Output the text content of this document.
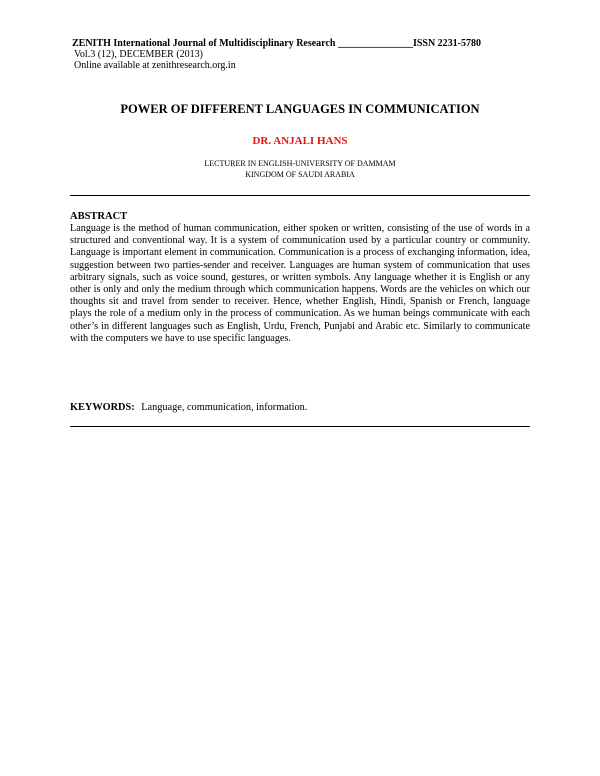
ZENITH International Journal of Multidisciplinary Research _______________ISSN 2231-5780
Vol.3 (12), DECEMBER (2013)
Online available at zenithresearch.org.in
POWER OF DIFFERENT LANGUAGES IN COMMUNICATION
DR. ANJALI HANS
LECTURER IN ENGLISH-UNIVERSITY OF DAMMAM
KINGDOM OF SAUDI ARABIA
ABSTRACT
Language is the method of human communication, either spoken or written, consisting of the use of words in a structured and conventional way. It is a system of communication used by a particular country or community. Language is important element in communication. Communication is a process of exchanging information, idea, suggestion between two parties-sender and receiver. Languages are human system of communication that uses arbitrary signals, such as voice sound, gestures, or written symbols. Any language whether it is English or any other is only and only the medium through which communication happens. Words are the vehicles on which our thoughts sit and travel from sender to receiver. Hence, whether English, Hindi, Spanish or French, language plays the role of a medium only in the process of communication. As we human beings communicate with each other’s in different languages such as English, Urdu, French, Punjabi and Arabic etc. Similarly to communicate with the computers we have to use specific languages.
KEYWORDS: Language, communication, information.
